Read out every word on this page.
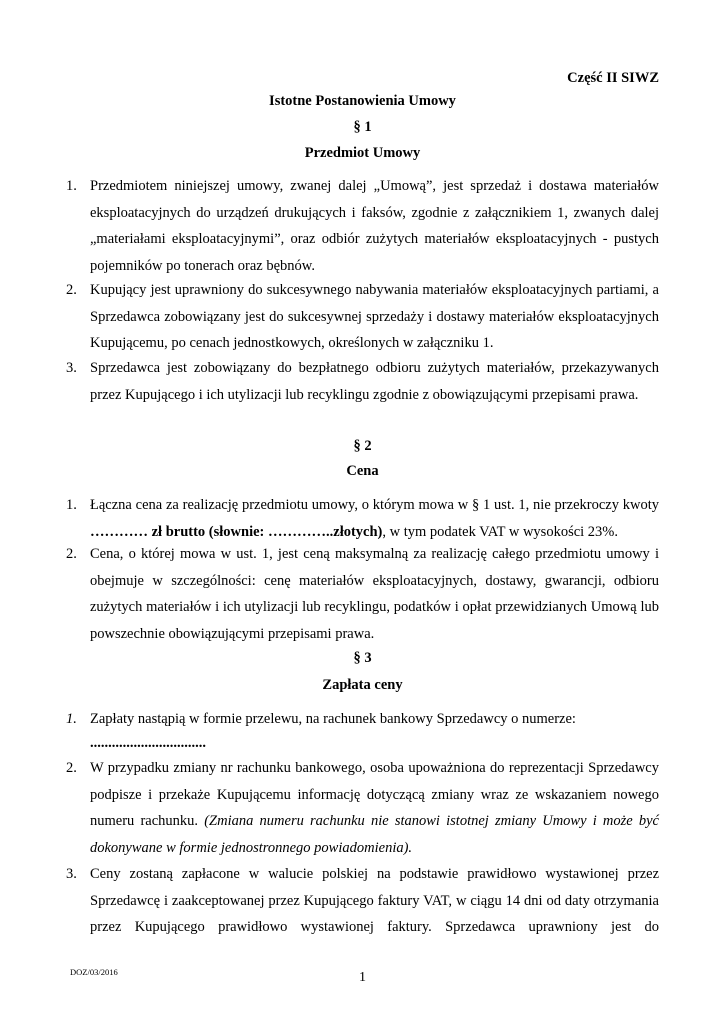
Część II SIWZ
Istotne Postanowienia Umowy
§ 1
Przedmiot Umowy
1. Przedmiotem niniejszej umowy, zwanej dalej „Umową”, jest sprzedaż i dostawa materiałów eksploatacyjnych do urządzeń drukujących i faksów, zgodnie z załącznikiem 1, zwanych dalej „materiałami eksploatacyjnymi”, oraz odbiór zużytych materiałów eksploatacyjnych - pustych pojemników po tonerach oraz bębnów.
2. Kupujący jest uprawniony do sukcesywnego nabywania materiałów eksploatacyjnych partiami, a Sprzedawca zobowiązany jest do sukcesywnej sprzedaży i dostawy materiałów eksploatacyjnych Kupującemu, po cenach jednostkowych, określonych w załączniku 1.
3. Sprzedawca jest zobowiązany do bezpłatnego odbioru zużytych materiałów, przekazywanych przez Kupującego i ich utylizacji lub recyklingu zgodnie z obowiązującymi przepisami prawa.
§ 2
Cena
1. Łączna cena za realizację przedmiotu umowy, o którym mowa w § 1 ust. 1, nie przekroczy kwoty ………… zł brutto (słownie: …………..złotych), w tym podatek VAT w wysokości 23%.
2. Cena, o której mowa w ust. 1, jest ceną maksymalną za realizację całego przedmiotu umowy i obejmuje w szczególności: cenę materiałów eksploatacyjnych, dostawy, gwarancji, odbioru zużytych materiałów i ich utylizacji lub recyklingu, podatków i opłat przewidzianych Umową lub powszechnie obowiązującymi przepisami prawa.
§ 3
Zapłata ceny
1. Zapłaty nastąpią w formie przelewu, na rachunek bankowy Sprzedawcy o numerze:
................................
2. W przypadku zmiany nr rachunku bankowego, osoba upoważniona do reprezentacji Sprzedawcy podpisze i przekaże Kupującemu informację dotyczącą zmiany wraz ze wskazaniem nowego numeru rachunku. (Zmiana numeru rachunku nie stanowi istotnej zmiany Umowy i może być dokonywane w formie jednostronnego powiadomienia).
3. Ceny zostaną zapłacone w walucie polskiej na podstawie prawidłowo wystawionej przez Sprzedawcę i zaakceptowanej przez Kupującego faktury VAT, w ciągu 14 dni od daty otrzymania przez Kupującego prawidłowo wystawionej faktury. Sprzedawca uprawniony jest do
DOZ/03/2016	1
